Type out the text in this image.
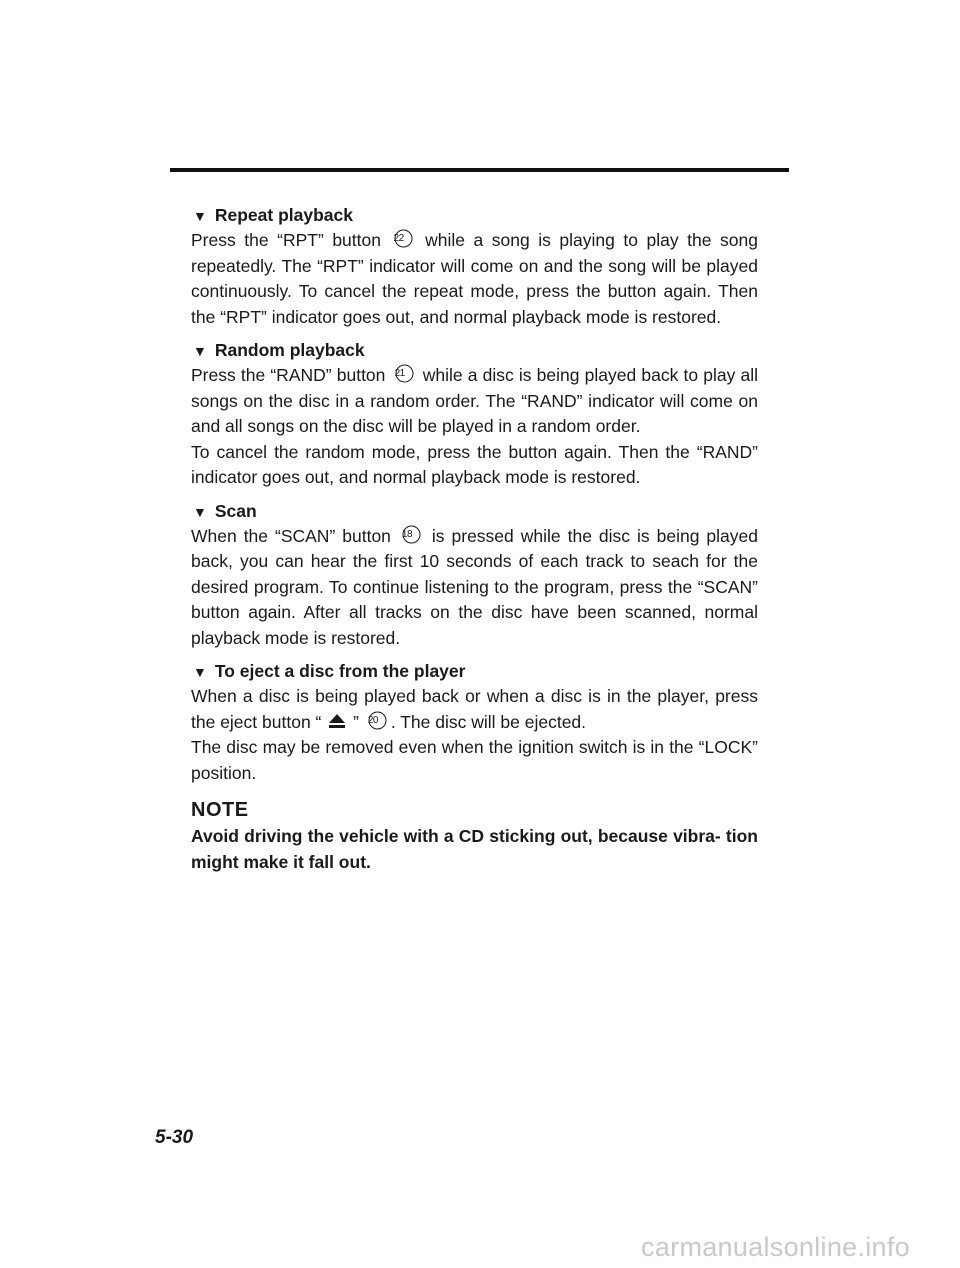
▼ Repeat playback

Press the “RPT” button 22	while a song is playing to play the song repeatedly. The “RPT” indicator will come on and the song will be played continuously. To cancel the repeat mode, press the button again. Then the “RPT” indicator goes out, and normal playback mode is restored.

▼ Random playback

Press the “RAND” button 21	while a disc is being played back to play all songs on the disc in a random order. The “RAND” indicator will come on and all songs on the disc will be played in a random order.

To cancel the random mode, press the button again. Then the “RAND” indicator goes out, and normal playback mode is restored.

▼ Scan

When the “SCAN” button 18	is pressed while the disc is being played back, you can hear the first 10 seconds of each track to seach for the desired program. To continue listening to the program, press the “SCAN” button again. After all tracks on the disc have been scanned, normal playback mode is restored.

▼ To eject a disc from the player

When a disc is being played back or when a disc is in the player, press the eject button “ ” 20 . The disc will be ejected.

The disc may be removed even when the ignition switch is in the “LOCK” position.

NOTE

Avoid driving the vehicle with a CD sticking out, because vibra- tion might make it fall out.

5-30
carmanualsonline.info
